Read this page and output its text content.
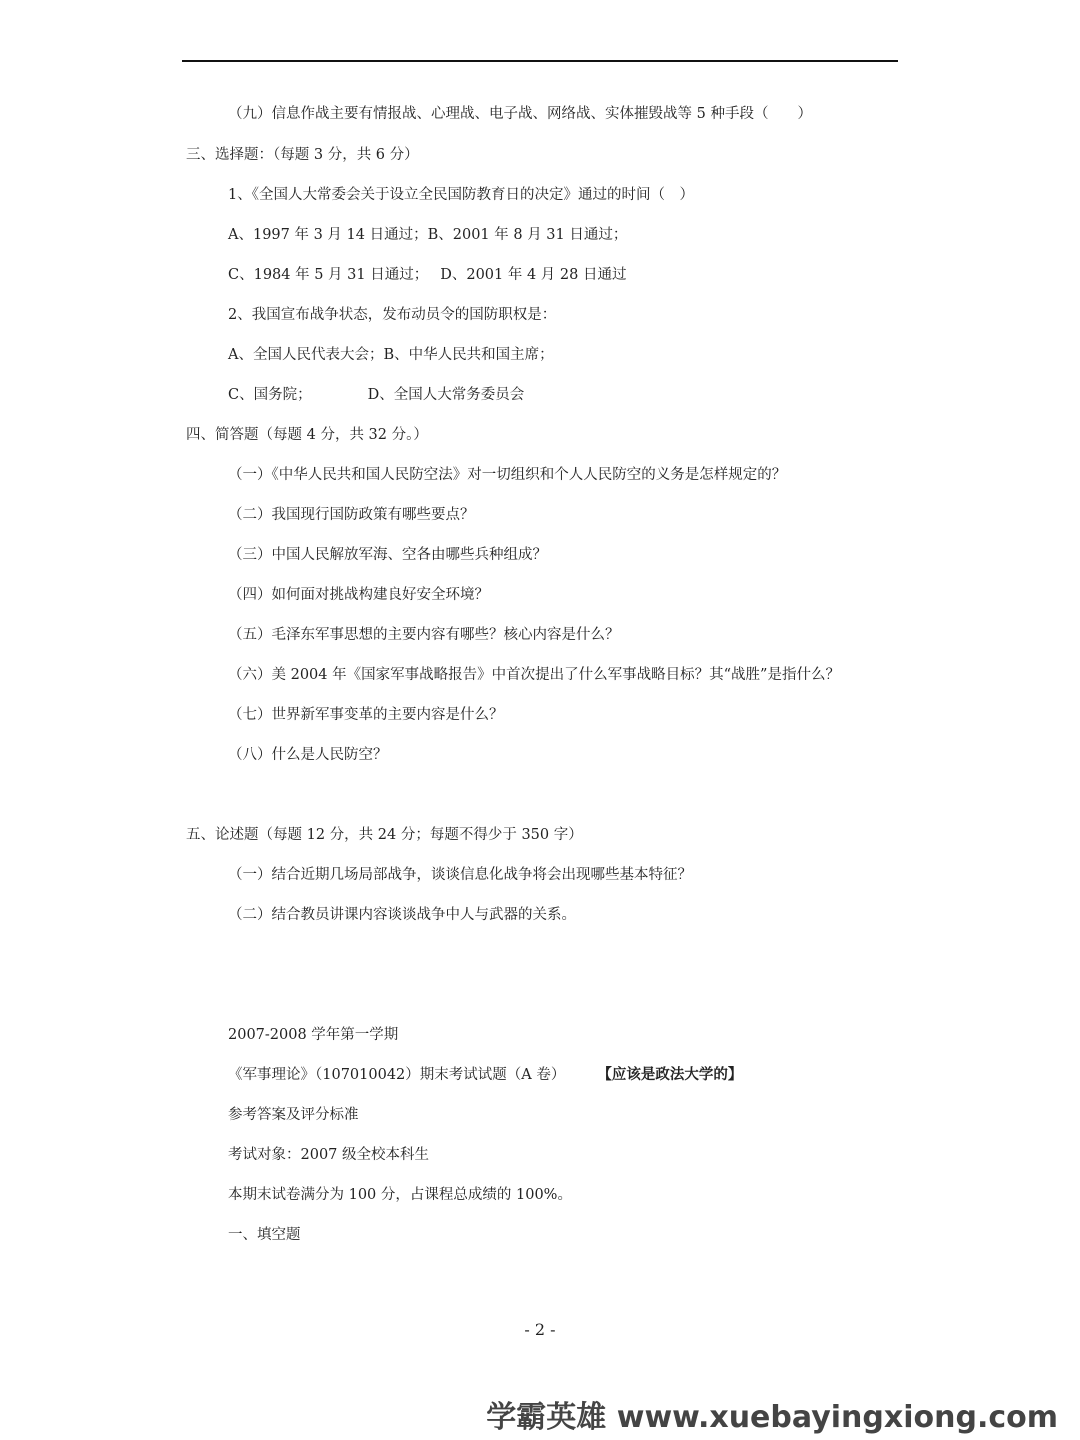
（九）信息作战主要有情报战、心理战、电子战、网络战、实体摧毁战等 5 种手段（　　）
三、选择题：（每题 3 分，共 6 分）
1、《全国人大常委会关于设立全民国防教育日的决定》通过的时间（　）
A、1997 年 3 月 14 日通过；B、2001 年 8 月 31 日通过；
C、1984 年 5 月 31 日通过； D、2001 年 4 月 28 日通过
2、我国宣布战争状态，发布动员令的国防职权是：
A、全国人民代表大会；B、中华人民共和国主席；
C、国务院；	D、全国人大常务委员会
四、简答题（每题 4 分，共 32 分。）
（一）《中华人民共和国人民防空法》对一切组织和个人人民防空的义务是怎样规定的？
（二）我国现行国防政策有哪些要点？
（三）中国人民解放军海、空各由哪些兵种组成？
（四）如何面对挑战构建良好安全环境？
（五）毛泽东军事思想的主要内容有哪些？核心内容是什么？
（六）美 2004 年《国家军事战略报告》中首次提出了什么军事战略目标？其“战胜”是指什么？
（七）世界新军事变革的主要内容是什么？
（八）什么是人民防空？
五、论述题（每题 12 分，共 24 分；每题不得少于 350 字）
（一）结合近期几场局部战争，谈谈信息化战争将会出现哪些基本特征？
（二）结合教员讲课内容谈谈战争中人与武器的关系。
2007-2008 学年第一学期
《军事理论》（107010042）期末考试试题（A 卷） 【应该是政法大学的】
参考答案及评分标准
考试对象：2007 级全校本科生
本期末试卷满分为 100 分，占课程总成绩的 100%。
一、填空题
- 2 -
学霸英雄 www.xuebayingxiong.com
